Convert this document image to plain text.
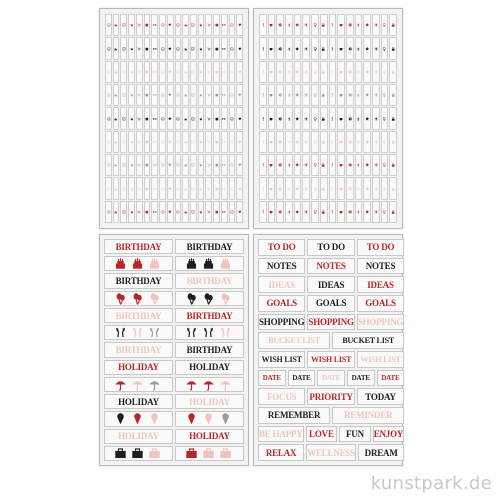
BIRTHDAY	BIRTHDAY
BIRTHDAY	BIRTHDAY
BIRTHDAY	BIRTHDAY
BIRTHDAY	BIRTHDAY
HOLIDAY	HOLIDAY
HOLIDAY	HOLIDAY
HOLIDAY	HOLIDAY
TO DO TO DO TO DO
NOTES NOTES NOTES
IDEAS	IDEAS	IDEAS
GOALS GOALS GOALS
SHOPPING SHOPPING SHOPPING
BUCKET LIST	BUCKET LIST
WISH LIST WISH LIST WISH LIST
DATE DATE DATE DATE DATE
FOCUS PRIORITY TODAY
REMEMBER	REMINDER
BE HAPPY LOVE FUN ENJOY
RELAX WELLNESS DREAM
kunstpark.de
